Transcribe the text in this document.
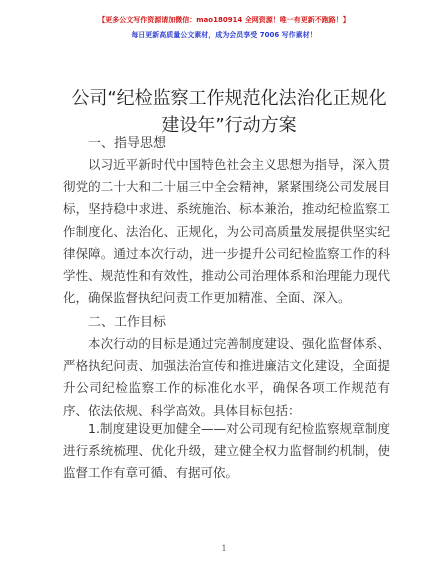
【更多公文写作资源请加微信：mao180914 全网资源！唯一有更新不跑路！】
每日更新高质量公文素材，成为会员享受 7006 写作素材！
公司“纪检监察工作规范化法治化正规化建设年”行动方案
一、指导思想
以习近平新时代中国特色社会主义思想为指导，深入贯彻党的二十大和二十届三中全会精神，紧紧围绕公司发展目标，坚持稳中求进、系统施治、标本兼治，推动纪检监察工作制度化、法治化、正规化，为公司高质量发展提供坚实纪律保障。通过本次行动，进一步提升公司纪检监察工作的科学性、规范性和有效性，推动公司治理体系和治理能力现代化，确保监督执纪问责工作更加精准、全面、深入。
二、工作目标
本次行动的目标是通过完善制度建设、强化监督体系、严格执纪问责、加强法治宣传和推进廉洁文化建设，全面提升公司纪检监察工作的标准化水平，确保各项工作规范有序、依法依规、科学高效。具体目标包括：
1.制度建设更加健全——对公司现有纪检监察规章制度进行系统梳理、优化升级，建立健全权力监督制约机制，使监督工作有章可循、有据可依。
1
